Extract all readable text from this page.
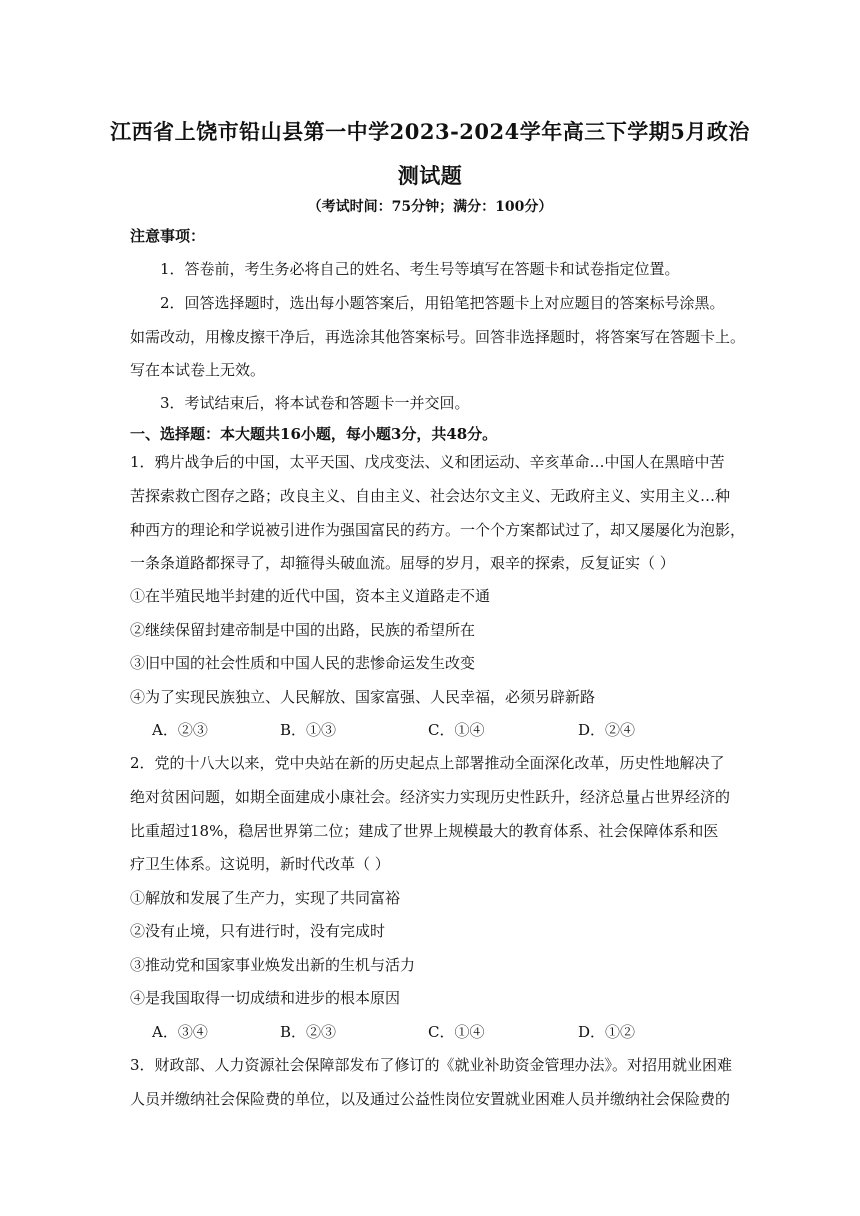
江西省上饶市铅山县第一中学2023-2024学年高三下学期5月政治
测试题
（考试时间：75分钟；满分：100分）
注意事项：
1．答卷前，考生务必将自己的姓名、考生号等填写在答题卡和试卷指定位置。
2．回答选择题时，选出每小题答案后，用铅笔把答题卡上对应题目的答案标号涂黑。
如需改动，用橡皮擦干净后，再选涂其他答案标号。回答非选择题时，将答案写在答题卡上。
写在本试卷上无效。
3．考试结束后，将本试卷和答题卡一并交回。
一、选择题：本大题共16小题，每小题3分，共48分。
1．鸦片战争后的中国，太平天国、戊戌变法、义和团运动、辛亥革命…中国人在黑暗中苦
苦探索救亡图存之路；改良主义、自由主义、社会达尔文主义、无政府主义、实用主义…种
种西方的理论和学说被引进作为强国富民的药方。一个个方案都试过了，却又屡屡化为泡影，
一条条道路都探寻了，却箍得头破血流。屈辱的岁月，艰辛的探索，反复证实（ ）
①在半殖民地半封建的近代中国，资本主义道路走不通
②继续保留封建帝制是中国的出路，民族的希望所在
③旧中国的社会性质和中国人民的悲惨命运发生改变
④为了实现民族独立、人民解放、国家富强、人民幸福，必须另辟新路
A．②③	B．①③	C．①④	D．②④
2．党的十八大以来，党中央站在新的历史起点上部署推动全面深化改革，历史性地解决了
绝对贫困问题，如期全面建成小康社会。经济实力实现历史性跃升，经济总量占世界经济的
比重超过18%，稳居世界第二位；建成了世界上规模最大的教育体系、社会保障体系和医
疗卫生体系。这说明，新时代改革（ ）
①解放和发展了生产力，实现了共同富裕
②没有止境，只有进行时，没有完成时
③推动党和国家事业焕发出新的生机与活力
④是我国取得一切成绩和进步的根本原因
A．③④	B．②③	C．①④	D．①②
3．财政部、人力资源社会保障部发布了修订的《就业补助资金管理办法》。对招用就业困难
人员并缴纳社会保险费的单位，以及通过公益性岗位安置就业困难人员并缴纳社会保险费的
